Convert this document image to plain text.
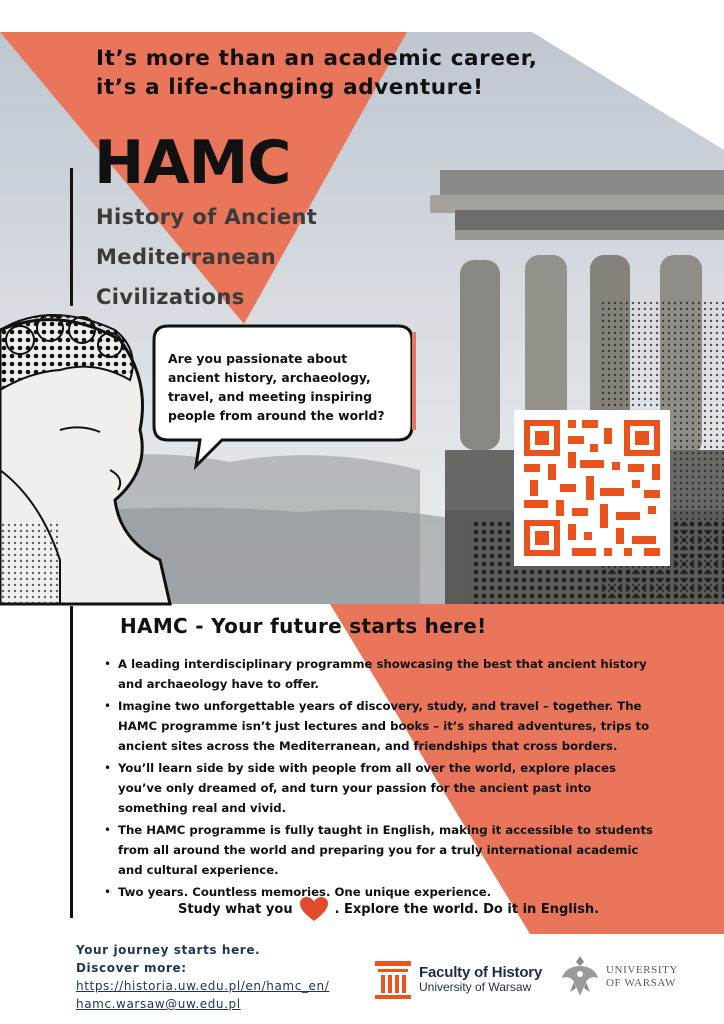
It’s more than an academic career,
it’s a life-changing adventure!
HAMC
History of Ancient
Mediterranean
Civilizations

Are you passionate about
ancient history, archaeology,
travel, and meeting inspiring
people from around the world?

HAMC - Your future starts here!
• A leading interdisciplinary programme showcasing the best that ancient history
and archaeology have to offer.
• Imagine two unforgettable years of discovery, study, and travel – together. The
HAMC programme isn’t just lectures and books – it’s shared adventures, trips to
ancient sites across the Mediterranean, and friendships that cross borders.
• You’ll learn side by side with people from all over the world, explore places
you’ve only dreamed of, and turn your passion for the ancient past into
something real and vivid.
• The HAMC programme is fully taught in English, making it accessible to students
from all around the world and preparing you for a truly international academic
and cultural experience.
• Two years. Countless memories. One unique experience.
Study what you	. Explore the world. Do it in English.
Your journey starts here.
Discover more:
https://historia.uw.edu.pl/en/hamc_en/
hamc.warsaw@uw.edu.pl
Faculty of History
University of Warsaw
UNIVERSITY
OF WARSAW
